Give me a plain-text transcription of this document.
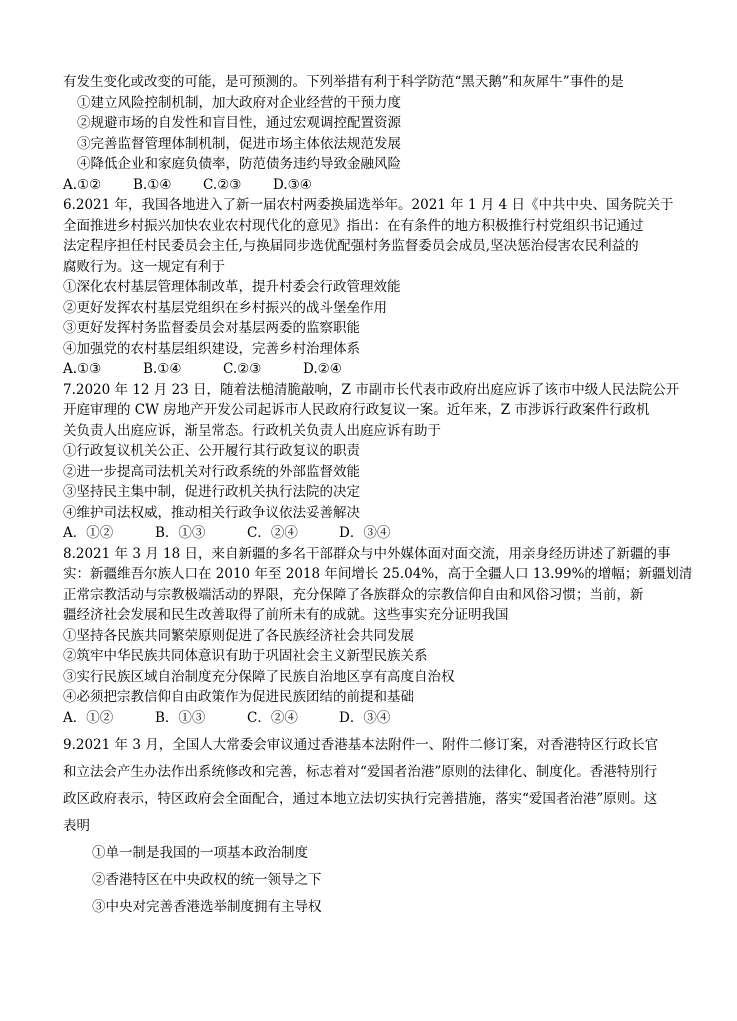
有发生变化或改变的可能，是可预测的。下列举措有利于科学防范“黑天鹅”和灰犀牛”事件的是
①建立风险控制机制，加大政府对企业经营的干预力度
②规避市场的自发性和盲目性，通过宏观调控配置资源
③完善监督管理体制机制，促进市场主体依法规范发展
④降低企业和家庭负债率，防范债务违约导致金融风险
A.①② B.①④ C.②③ D.③④
6.2021 年，我国各地进入了新一届农村两委换届选举年。2021 年 1 月 4 日《中共中央、国务院关于
全面推进乡村振兴加快农业农村现代化的意见》指出：在有条件的地方积极推行村党组织书记通过
法定程序担任村民委员会主任,与换届同步选优配强村务监督委员会成员,坚决惩治侵害农民利益的
腐败行为。这一规定有利于
①深化农村基层管理体制改革，提升村委会行政管理效能
②更好发挥农村基层党组织在乡村振兴的战斗堡垒作用
③更好发挥村务监督委员会对基层两委的监察职能
④加强党的农村基层组织建设，完善乡村治理体系
A.①③	B.①④	C.②③	D.②④
7.2020 年 12 月 23 日，随着法槌清脆敲响，Z 市副市长代表市政府出庭应诉了该市中级人民法院公开
开庭审理的 CW 房地产开发公司起诉市人民政府行政复议一案。近年来，Z 市涉诉行政案件行政机
关负责人出庭应诉，渐呈常态。行政机关负责人出庭应诉有助于
①行政复议机关公正、公开履行其行政复议的职责
②进一步提高司法机关对行政系统的外部监督效能
③坚持民主集中制，促进行政机关执行法院的决定
④维护司法权威，推动相关行政争议依法妥善解决
A．①②	B．①③	C．②④	D．③④
8.2021 年 3 月 18 日，来自新疆的多名干部群众与中外媒体面对面交流，用亲身经历讲述了新疆的事
实：新疆维吾尔族人口在 2010 年至 2018 年间增长 25.04%，高于全疆人口 13.99%的增幅；新疆划清
正常宗教活动与宗教极端活动的界限，充分保障了各族群众的宗教信仰自由和风俗习惯；当前，新
疆经济社会发展和民生改善取得了前所未有的成就。这些事实充分证明我国
①坚持各民族共同繁荣原则促进了各民族经济社会共同发展
②筑牢中华民族共同体意识有助于巩固社会主义新型民族关系
③实行民族区域自治制度充分保障了民族自治地区享有高度自治权
④必须把宗教信仰自由政策作为促进民族团结的前提和基础
A．①②	B．①③	C．②④	D．③④
9.2021 年 3 月，全国人大常委会审议通过香港基本法附件一、附件二修订案，对香港特区行政长官
和立法会产生办法作出系统修改和完善，标志着对“爱国者治港”原则的法律化、制度化。香港特別行
政区政府表示，特区政府会全面配合，通过本地立法切实执行完善措施，落实“爱国者治港”原则。这
表明
①单一制是我国的一项基本政治制度
②香港特区在中央政权的统一领导之下
③中央对完善香港选举制度拥有主导权
